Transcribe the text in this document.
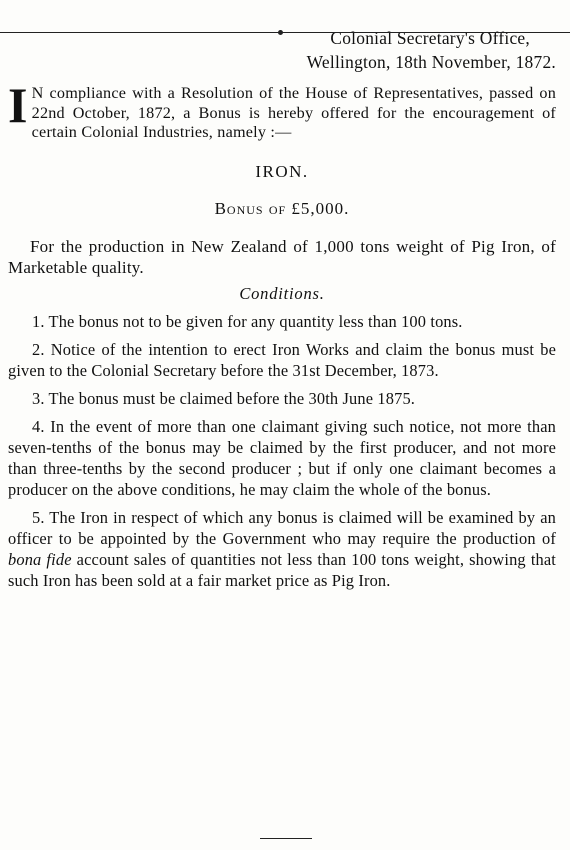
Colonial Secretary's Office,
Wellington, 18th November, 1872.
I N compliance with a Resolution of the House of Representatives, passed on 22nd October, 1872, a Bonus is hereby offered for the encouragement of certain Colonial Industries, namely :—
IRON.
Bonus of £5,000.
For the production in New Zealand of 1,000 tons weight of Pig Iron, of Marketable quality.
Conditions.
1. The bonus not to be given for any quantity less than 100 tons.
2. Notice of the intention to erect Iron Works and claim the bonus must be given to the Colonial Secretary before the 31st December, 1873.
3. The bonus must be claimed before the 30th June 1875.
4. In the event of more than one claimant giving such notice, not more than seven-tenths of the bonus may be claimed by the first producer, and not more than three-tenths by the second producer ; but if only one claimant becomes a producer on the above conditions, he may claim the whole of the bonus.
5. The Iron in respect of which any bonus is claimed will be examined by an officer to be appointed by the Government who may require the production of bona fide account sales of quantities not less than 100 tons weight, showing that such Iron has been sold at a fair market price as Pig Iron.
